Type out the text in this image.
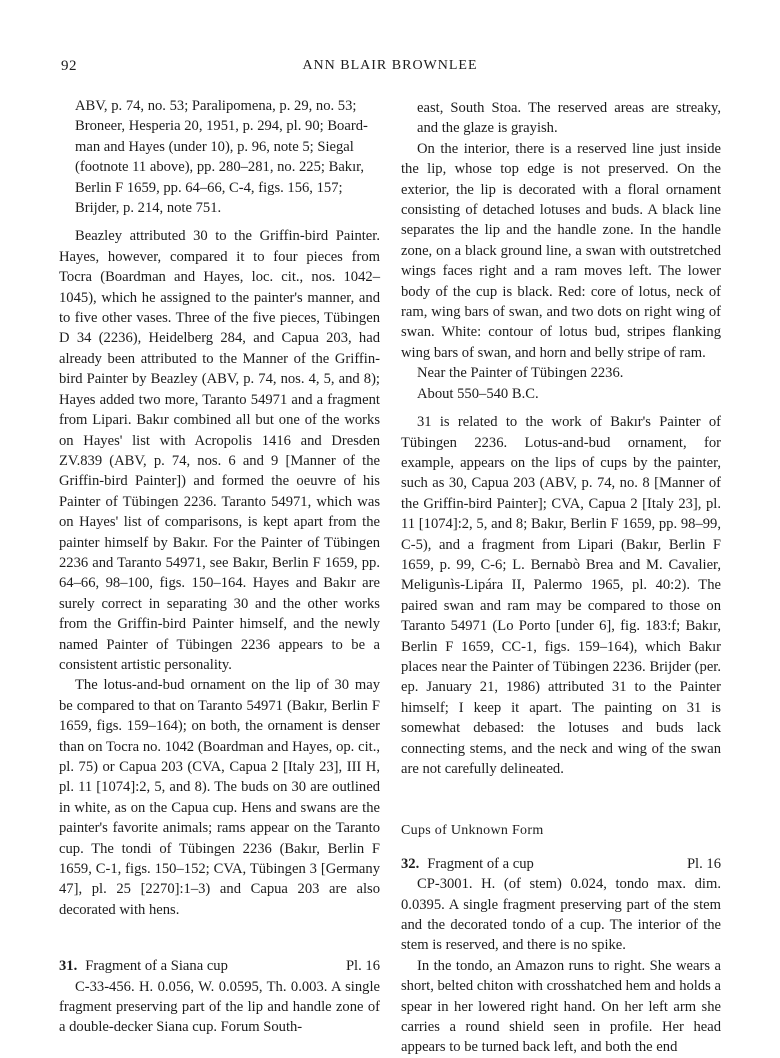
92	ANN BLAIR BROWNLEE
ABV, p. 74, no. 53; Paralipomena, p. 29, no. 53;
Broneer, Hesperia 20, 1951, p. 294, pl. 90; Board-
man and Hayes (under 10), p. 96, note 5; Siegal
(footnote 11 above), pp. 280–281, no. 225; Bakır,
Berlin F 1659, pp. 64–66, C-4, figs. 156, 157;
Brijder, p. 214, note 751.

Beazley attributed 30 to the Griffin-bird Painter. Hayes, however, compared it to four pieces from Tocra (Boardman and Hayes, loc. cit., nos. 1042–1045), which he assigned to the painter's manner, and to five other vases. Three of the five pieces, Tübingen D 34 (2236), Heidelberg 284, and Capua 203, had already been attributed to the Manner of the Griffin-bird Painter by Beazley (ABV, p. 74, nos. 4, 5, and 8); Hayes added two more, Taranto 54971 and a fragment from Lipari. Bakır combined all but one of the works on Hayes' list with Acropolis 1416 and Dresden ZV.839 (ABV, p. 74, nos. 6 and 9 [Manner of the Griffin-bird Painter]) and formed the oeuvre of his Painter of Tübingen 2236. Taranto 54971, which was on Hayes' list of comparisons, is kept apart from the painter himself by Bakır. For the Painter of Tübingen 2236 and Taranto 54971, see Bakır, Berlin F 1659, pp. 64–66, 98–100, figs. 150–164. Hayes and Bakır are surely correct in separating 30 and the other works from the Griffin-bird Painter himself, and the newly named Painter of Tübingen 2236 appears to be a consistent artistic personality.

The lotus-and-bud ornament on the lip of 30 may be compared to that on Taranto 54971 (Bakır, Berlin F 1659, figs. 159–164); on both, the ornament is denser than on Tocra no. 1042 (Boardman and Hayes, op. cit., pl. 75) or Capua 203 (CVA, Capua 2 [Italy 23], III H, pl. 11 [1074]:2, 5, and 8). The buds on 30 are outlined in white, as on the Capua cup. Hens and swans are the painter's favorite animals; rams appear on the Taranto cup. The tondi of Tübingen 2236 (Bakır, Berlin F 1659, C-1, figs. 150–152; CVA, Tübingen 3 [Germany 47], pl. 25 [2270]:1–3) and Capua 203 are also decorated with hens.

31. Fragment of a Siana cup	Pl. 16

C-33-456. H. 0.056, W. 0.0595, Th. 0.003. A single fragment preserving part of the lip and handle zone of a double-decker Siana cup. Forum South-

east, South Stoa. The reserved areas are streaky, and the glaze is grayish.

On the interior, there is a reserved line just inside the lip, whose top edge is not preserved. On the exterior, the lip is decorated with a floral ornament consisting of detached lotuses and buds. A black line separates the lip and the handle zone. In the handle zone, on a black ground line, a swan with outstretched wings faces right and a ram moves left. The lower body of the cup is black. Red: core of lotus, neck of ram, wing bars of swan, and two dots on right wing of swan. White: contour of lotus bud, stripes flanking wing bars of swan, and horn and belly stripe of ram.

Near the Painter of Tübingen 2236.

About 550–540 B.C.

31 is related to the work of Bakır's Painter of Tübingen 2236. Lotus-and-bud ornament, for example, appears on the lips of cups by the painter, such as 30, Capua 203 (ABV, p. 74, no. 8 [Manner of the Griffin-bird Painter]; CVA, Capua 2 [Italy 23], pl. 11 [1074]:2, 5, and 8; Bakır, Berlin F 1659, pp. 98–99, C-5), and a fragment from Lipari (Bakır, Berlin F 1659, p. 99, C-6; L. Bernabò Brea and M. Cavalier, Meligunìs-Lipára II, Palermo 1965, pl. 40:2). The paired swan and ram may be compared to those on Taranto 54971 (Lo Porto [under 6], fig. 183:f; Bakır, Berlin F 1659, CC-1, figs. 159–164), which Bakır places near the Painter of Tübingen 2236. Brijder (per. ep. January 21, 1986) attributed 31 to the Painter himself; I keep it apart. The painting on 31 is somewhat debased: the lotuses and buds lack connecting stems, and the neck and wing of the swan are not carefully delineated.

Cups of Unknown Form
32. Fragment of a cup	Pl. 16

CP-3001. H. (of stem) 0.024, tondo max. dim. 0.0395. A single fragment preserving part of the stem and the decorated tondo of a cup. The interior of the stem is reserved, and there is no spike.

In the tondo, an Amazon runs to right. She wears a short, belted chiton with crosshatched hem and holds a spear in her lowered right hand. On her left arm she carries a round shield seen in profile. Her head appears to be turned back left, and both the end
